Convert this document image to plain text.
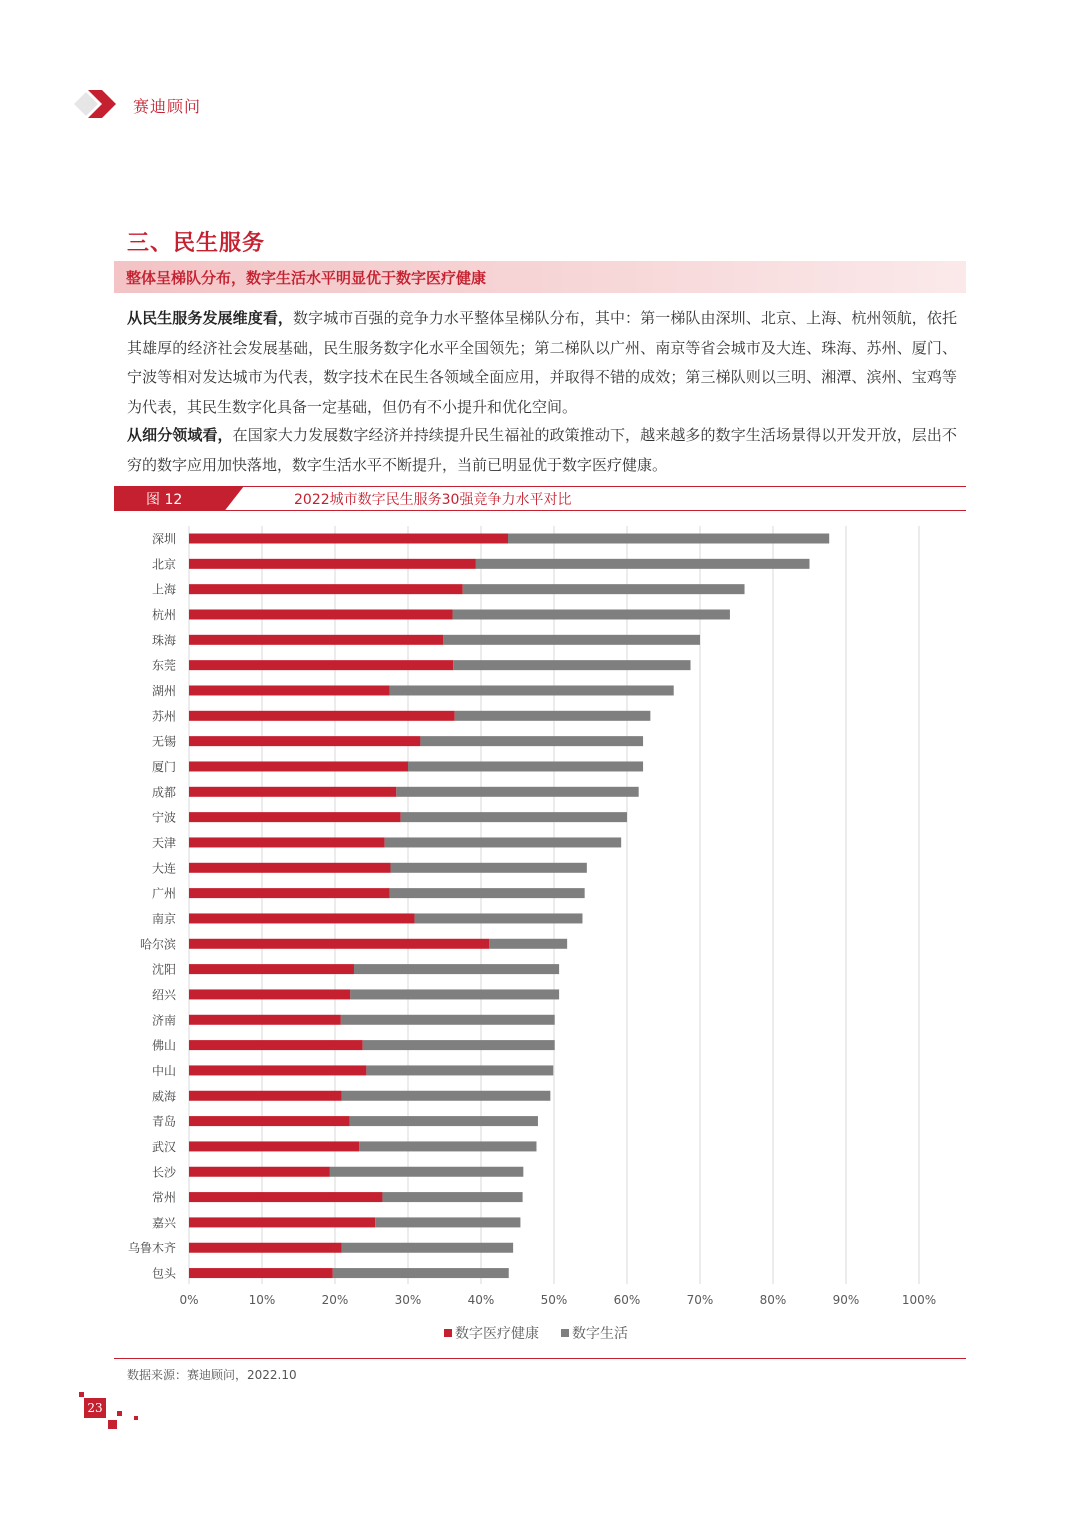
赛迪顾问
三、民生服务
整体呈梯队分布，数字生活水平明显优于数字医疗健康
从民生服务发展维度看，数字城市百强的竞争力水平整体呈梯队分布，其中：第一梯队由深圳、北京、上海、杭州领航，依托其雄厚的经济社会发展基础，民生服务数字化水平全国领先；第二梯队以广州、南京等省会城市及大连、珠海、苏州、厦门、宁波等相对发达城市为代表，数字技术在民生各领域全面应用，并取得不错的成效；第三梯队则以三明、湘潭、滨州、宝鸡等为代表，其民生数字化具备一定基础，但仍有不小提升和优化空间。
从细分领域看，在国家大力发展数字经济并持续提升民生福祉的政策推动下，越来越多的数字生活场景得以开发开放，层出不穷的数字应用加快落地，数字生活水平不断提升，当前已明显优于数字医疗健康。
图 12	2022城市数字民生服务30强竞争力水平对比
0%	10%	20%	30%	40%	50%	60%	70%	80%	90%	100%
深圳
北京
上海
杭州
珠海
东莞
湖州
苏州
无锡
厦门
成都
宁波
天津
大连
广州
南京
哈尔滨
沈阳
绍兴
济南
佛山
中山
威海
青岛
武汉
长沙
常州
嘉兴
乌鲁木齐
包头
数字医疗健康 数字生活
数据来源：赛迪顾问，2022.10
23
